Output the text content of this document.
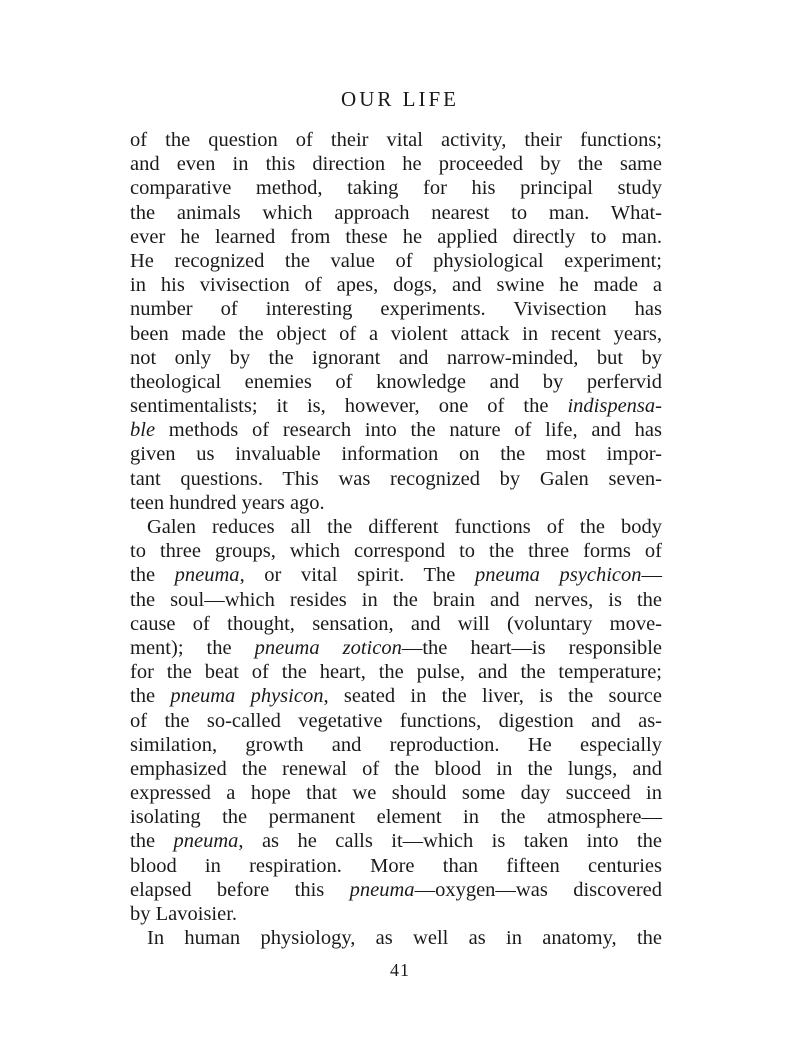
OUR LIFE
of the question of their vital activity, their functions;
and even in this direction he proceeded by the same
comparative method, taking for his principal study
the animals which approach nearest to man. What-
ever he learned from these he applied directly to man.
He recognized the value of physiological experiment;
in his vivisection of apes, dogs, and swine he made a
number of interesting experiments. Vivisection has
been made the object of a violent attack in recent years,
not only by the ignorant and narrow-minded, but by
theological enemies of knowledge and by perfervid
sentimentalists; it is, however, one of the indispensa-
ble methods of research into the nature of life, and has
given us invaluable information on the most impor-
tant questions. This was recognized by Galen seven-
teen hundred years ago.
Galen reduces all the different functions of the body
to three groups, which correspond to the three forms of
the pneuma, or vital spirit. The pneuma psychicon—
the soul—which resides in the brain and nerves, is the
cause of thought, sensation, and will (voluntary move-
ment); the pneuma zoticon—the heart—is responsible
for the beat of the heart, the pulse, and the temperature;
the pneuma physicon, seated in the liver, is the source
of the so-called vegetative functions, digestion and as-
similation, growth and reproduction. He especially
emphasized the renewal of the blood in the lungs, and
expressed a hope that we should some day succeed in
isolating the permanent element in the atmosphere—
the pneuma, as he calls it—which is taken into the
blood in respiration. More than fifteen centuries
elapsed before this pneuma—oxygen—was discovered
by Lavoisier.
In human physiology, as well as in anatomy, the
41
